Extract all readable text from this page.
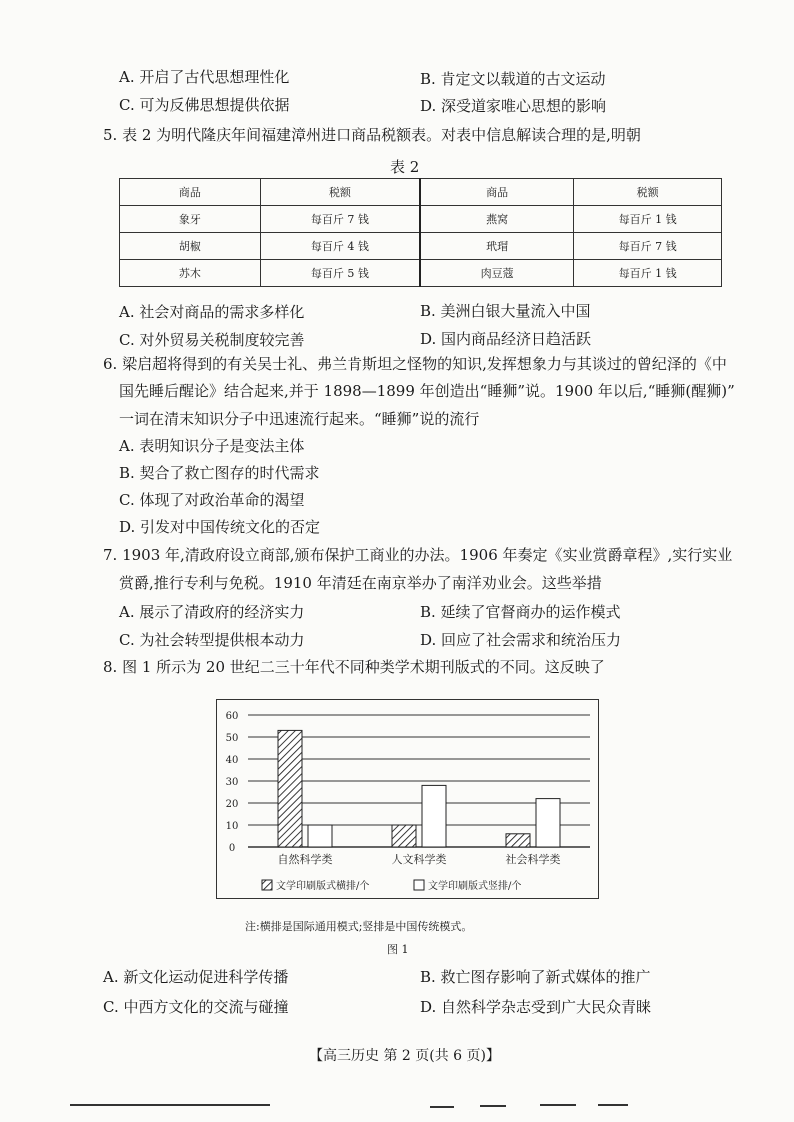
A. 开启了古代思想理性化	B. 肯定文以载道的古文运动
C. 可为反佛思想提供依据	D. 深受道家唯心思想的影响
5. 表 2 为明代隆庆年间福建漳州进口商品税额表。对表中信息解读合理的是,明朝
表 2
商品	税额	商品	税额
象牙	每百斤 7 钱	燕窝	每百斤 1 钱
胡椒	每百斤 4 钱	玳瑁	每百斤 7 钱
苏木	每百斤 5 钱	肉豆蔻	每百斤 1 钱
A. 社会对商品的需求多样化	B. 美洲白银大量流入中国
C. 对外贸易关税制度较完善	D. 国内商品经济日趋活跃
6. 梁启超将得到的有关吴士礼、弗兰肯斯坦之怪物的知识,发挥想象力与其谈过的曾纪泽的《中
国先睡后醒论》结合起来,并于 1898—1899 年创造出“睡狮”说。1900 年以后,“睡狮(醒狮)”
一词在清末知识分子中迅速流行起来。“睡狮”说的流行
A. 表明知识分子是变法主体
B. 契合了救亡图存的时代需求
C. 体现了对政治革命的渴望
D. 引发对中国传统文化的否定
7. 1903 年,清政府设立商部,颁布保护工商业的办法。1906 年奏定《实业赏爵章程》,实行实业
赏爵,推行专利与免税。1910 年清廷在南京举办了南洋劝业会。这些举措
A. 展示了清政府的经济实力	B. 延续了官督商办的运作模式
C. 为社会转型提供根本动力	D. 回应了社会需求和统治压力
8. 图 1 所示为 20 世纪二三十年代不同种类学术期刊版式的不同。这反映了
0
10
20
30
40
50
60
自然科学类	人文科学类	社会科学类
文学印刷版式横排/个	文学印刷版式竖排/个
注:横排是国际通用模式;竖排是中国传统模式。
图 1
A. 新文化运动促进科学传播	B. 救亡图存影响了新式媒体的推广
C. 中西方文化的交流与碰撞	D. 自然科学杂志受到广大民众青睐
【高三历史 第 2 页(共 6 页)】
